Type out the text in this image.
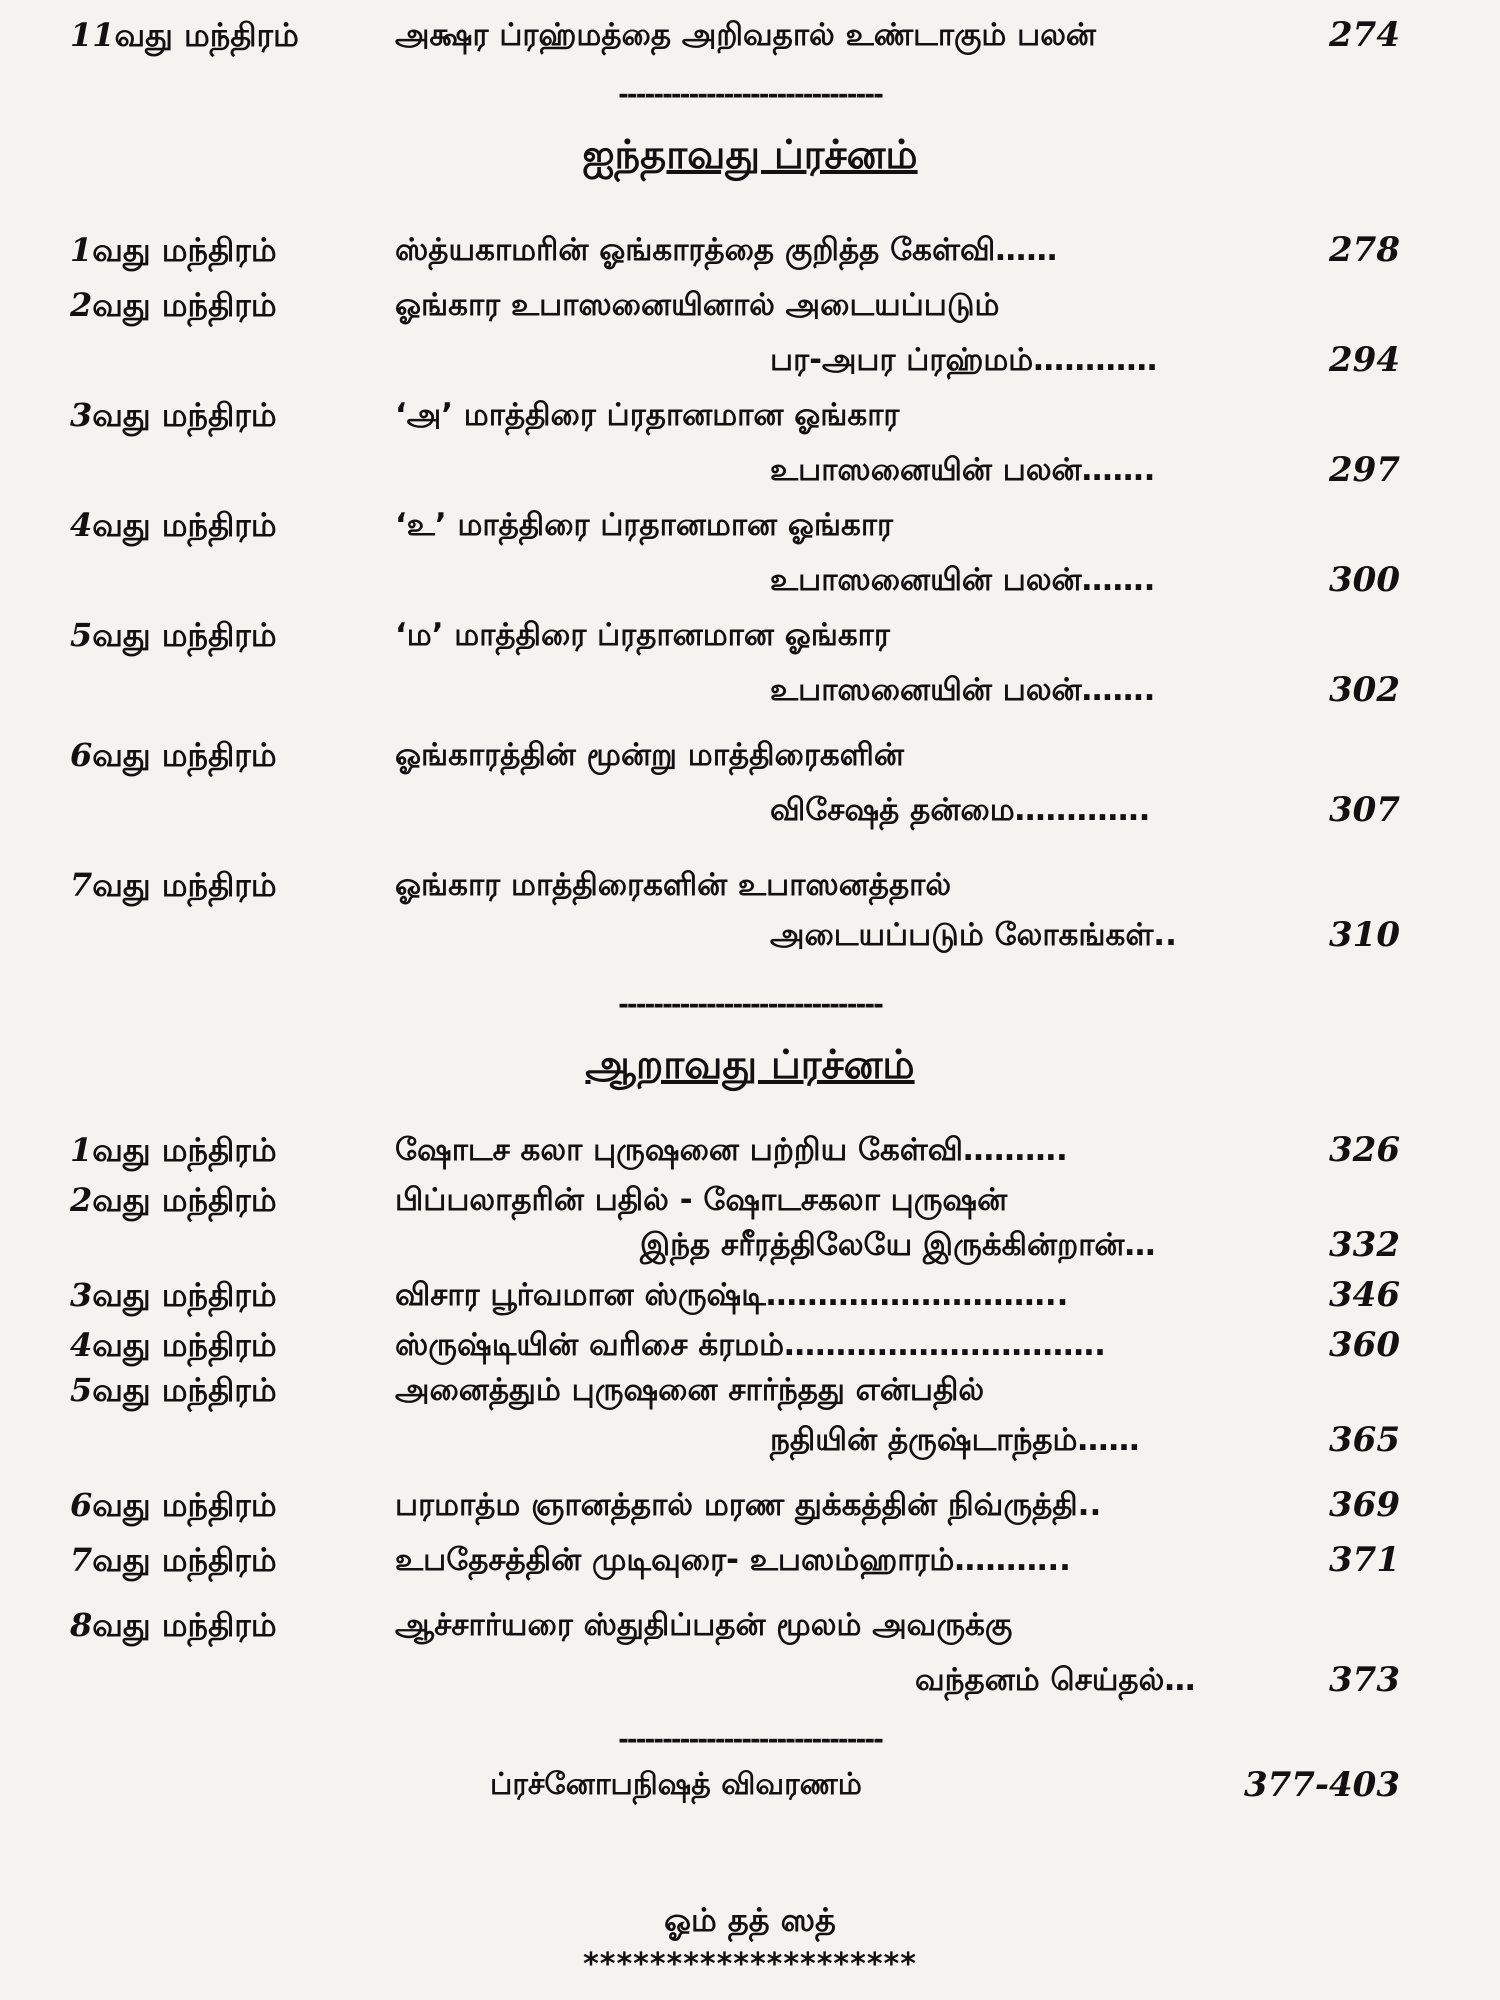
11வது மந்திரம்	அக்ஷர ப்ரஹ்மத்தை அறிவதால் உண்டாகும் பலன்	274
------------------------------
ஐந்தாவது ப்ரச்னம்
1வது மந்திரம்	ஸ்த்யகாமரின் ஓங்காரத்தை குறித்த கேள்வி……	278
2வது மந்திரம்	ஓங்கார உபாஸனையினால் அடையப்படும்
பர-அபர ப்ரஹ்மம்…………	294
3வது மந்திரம்	‘அ’ மாத்திரை ப்ரதானமான ஓங்கார
உபாஸனையின் பலன்…….	297
4வது மந்திரம்	‘உ’ மாத்திரை ப்ரதானமான ஓங்கார
உபாஸனையின் பலன்…….	300
5வது மந்திரம்	‘ம’ மாத்திரை ப்ரதானமான ஓங்கார
உபாஸனையின் பலன்…….	302
6வது மந்திரம்	ஓங்காரத்தின் மூன்று மாத்திரைகளின்
விசேஷத் தன்மை………….	307
7வது மந்திரம்	ஓங்கார மாத்திரைகளின் உபாஸனத்தால்
அடையப்படும் லோகங்கள்..	310
------------------------------
ஆறாவது ப்ரச்னம்
1வது மந்திரம்	ஷோடச கலா புருஷனை பற்றிய கேள்வி……….	326
2வது மந்திரம்	பிப்பலாதரின் பதில் - ஷோடசகலா புருஷன்
இந்த சரீரத்திலேயே இருக்கின்றான்…	332
3வது மந்திரம்	விசார பூர்வமான ஸ்ருஷ்டி………………………..	346
4வது மந்திரம்	ஸ்ருஷ்டியின் வரிசை க்ரமம்………………………….	360
5வது மந்திரம்	அனைத்தும் புருஷனை சார்ந்தது என்பதில்
நதியின் த்ருஷ்டாந்தம்……	365
6வது மந்திரம்	பரமாத்ம ஞானத்தால் மரண துக்கத்தின் நிவ்ருத்தி..	369
7வது மந்திரம்	உபதேசத்தின் முடிவுரை- உபஸம்ஹாரம்………..	371
8வது மந்திரம்	ஆச்சார்யரை ஸ்துதிப்பதன் மூலம் அவருக்கு
வந்தனம் செய்தல்…	373
------------------------------
ப்ரச்னோபநிஷத் விவரணம்	377-403
ஓம் தத் ஸத்
********************
